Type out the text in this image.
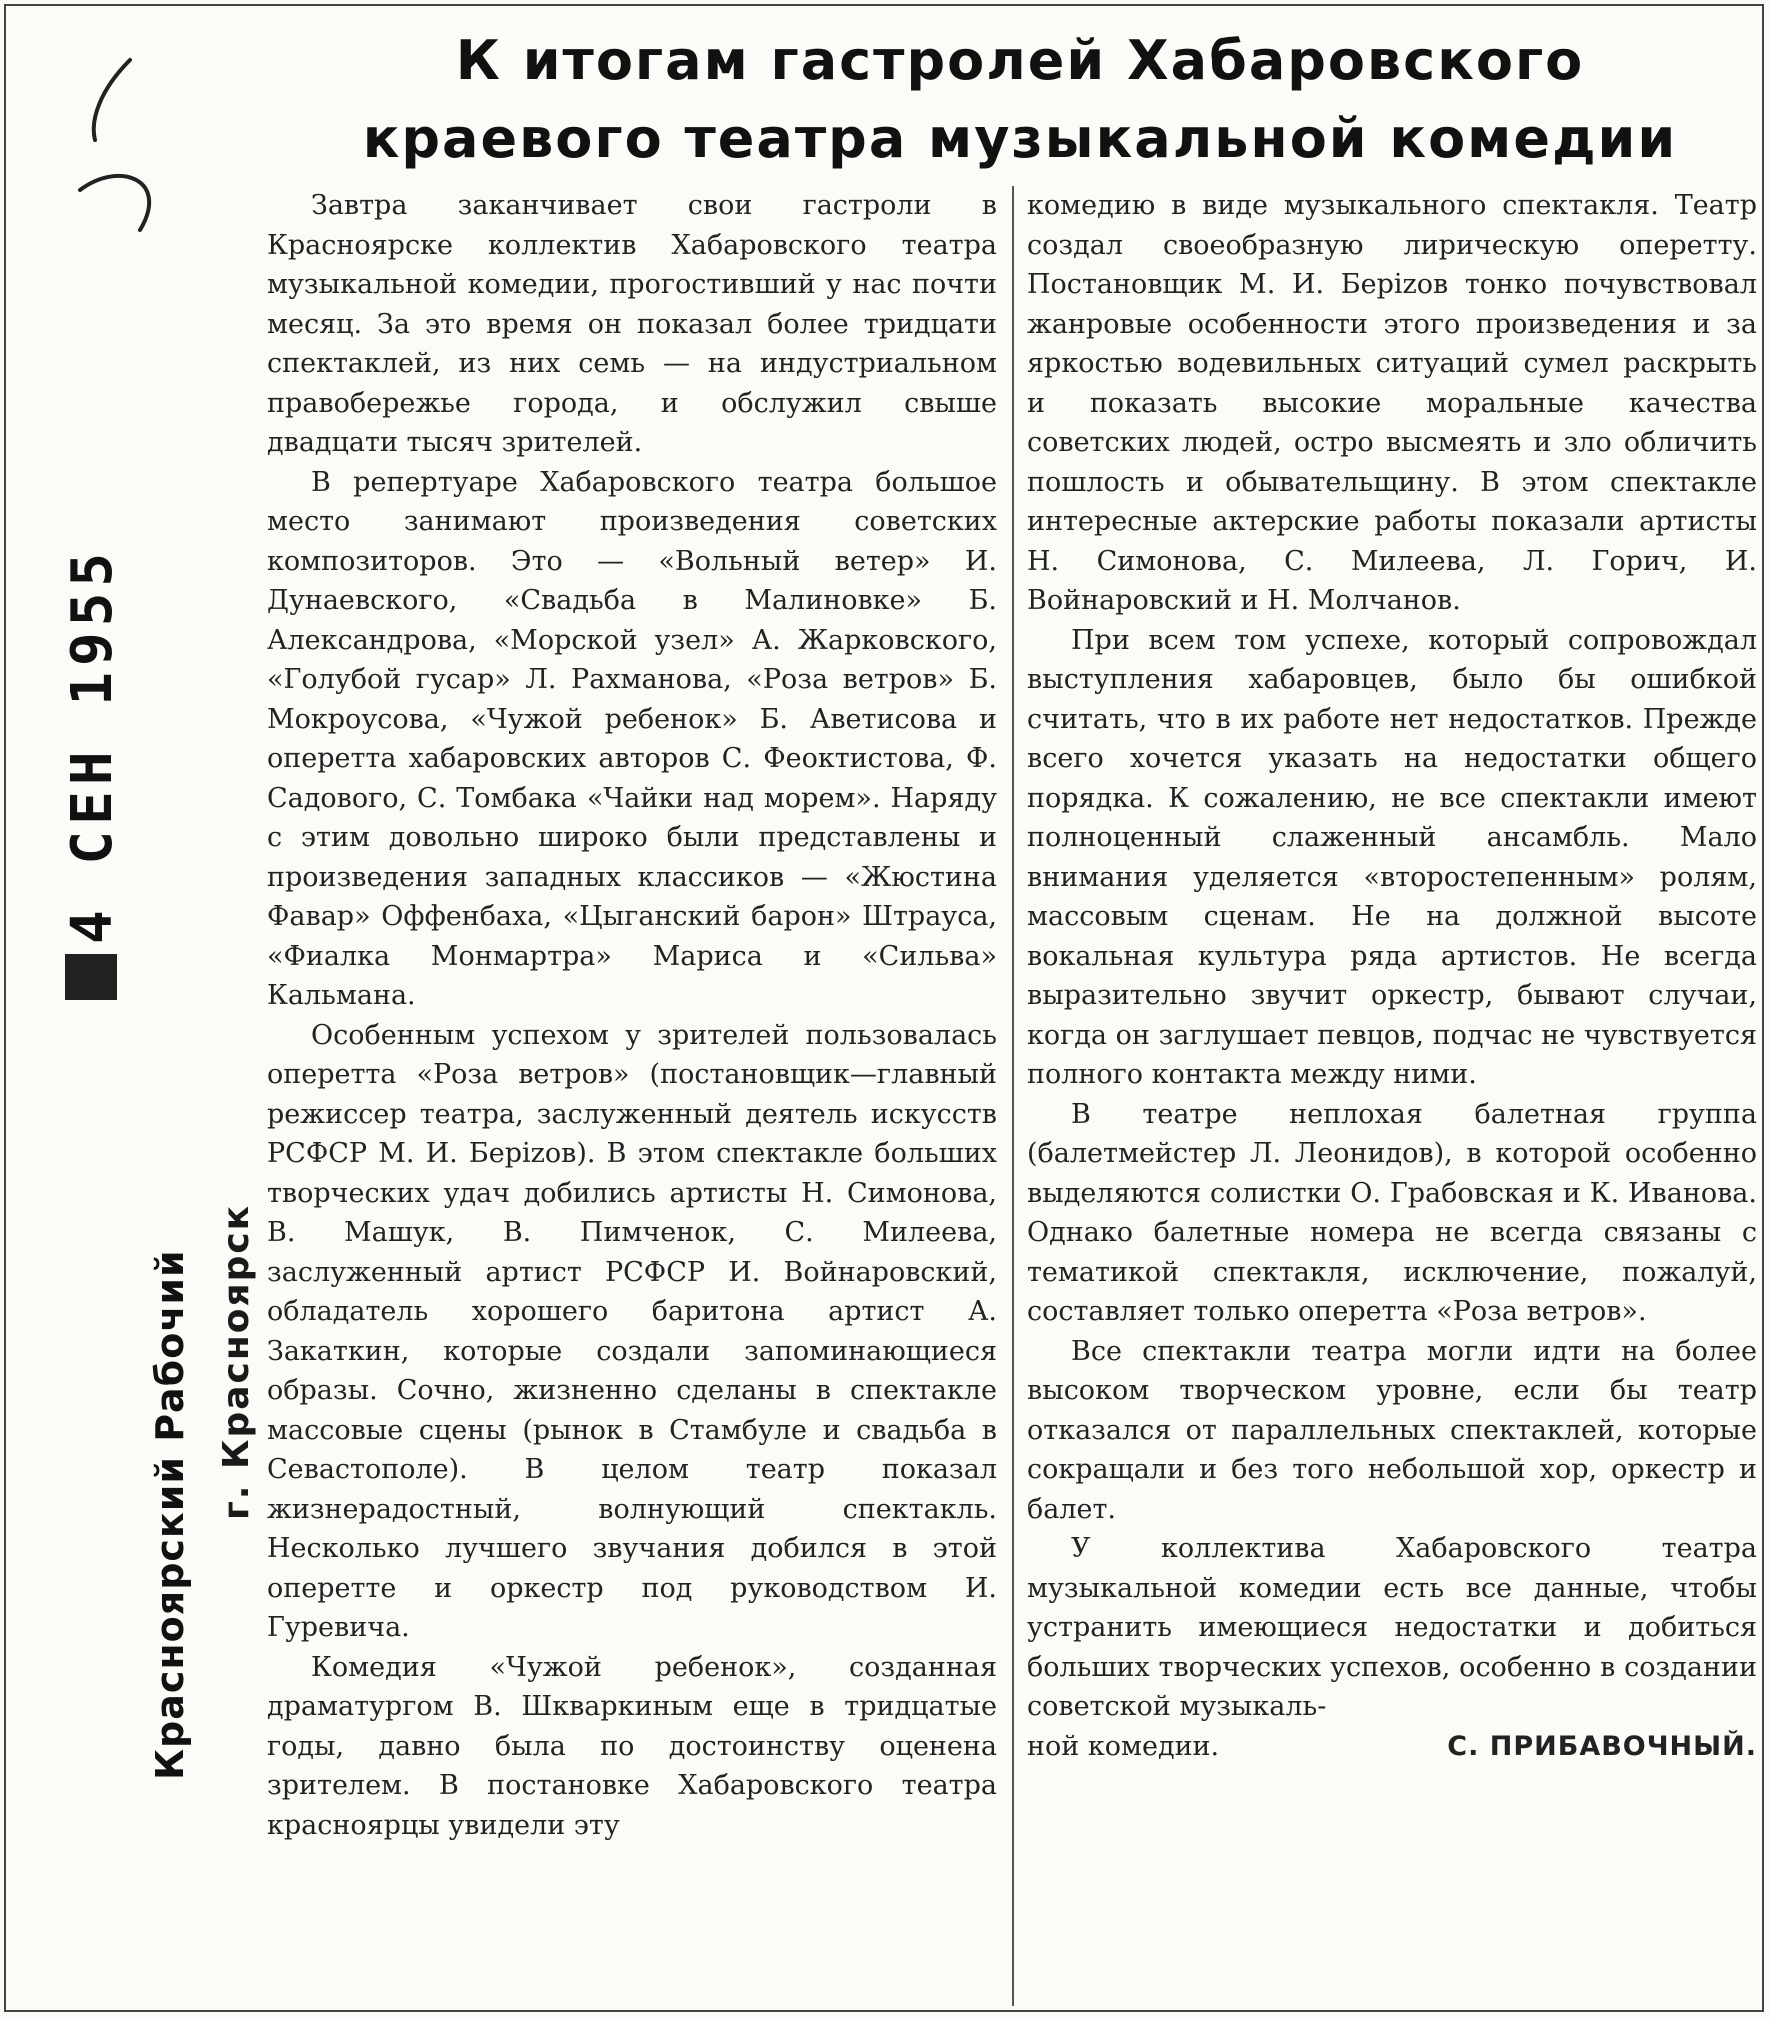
К итогам гастролей Хабаровского
краевого театра музыкальной комедии
4 СЕН 1955
Красноярский Рабочий г. Красноярск

Завтра заканчивает свои гастроли в Красноярске коллектив Хабаровского театра музыкальной комедии, прогостивший у нас почти месяц. За это время он показал более тридцати спектаклей, из них семь — на индустриальном правобережье города, и обслужил свыше двадцати тысяч зрителей.

В репертуаре Хабаровского театра большое место занимают произведения советских композиторов. Это — «Вольный ветер» И. Дунаевского, «Свадьба в Малиновке» Б. Александрова, «Морской узел» А. Жарковского, «Голубой гусар» Л. Рахманова, «Роза ветров» Б. Мокроусова, «Чужой ребенок» Б. Аветисова и оперетта хабаровских авторов С. Феоктистова, Ф. Садового, С. Томбака «Чайки над морем». Наряду с этим довольно широко были представлены и произведения западных классиков — «Жюстина Фавар» Оффенбаха, «Цыганский барон» Штрауса, «Фиалка Монмартра» Мариса и «Сильва» Кальмана.

Особенным успехом у зрителей пользовалась оперетта «Роза ветров» (постановщик—главный режиссер театра, заслуженный деятель искусств РСФСР М. И. Берizов). В этом спектакле больших творческих удач добились артисты Н. Симонова, В. Машук, В. Пимченок, С. Милеева, заслуженный артист РСФСР И. Войнаровский, обладатель хорошего баритона артист А. Закаткин, которые создали запоминающиеся образы. Сочно, жизненно сделаны в спектакле массовые сцены (рынок в Стамбуле и свадьба в Севастополе). В целом театр показал жизнерадостный, волнующий спектакль. Несколько лучшего звучания добился в этой оперетте и оркестр под руководством И. Гуревича.

Комедия «Чужой ребенок», созданная драматургом В. Шкваркиным еще в тридцатые годы, давно была по достоинству оценена зрителем. В постановке Хабаровского театра красноярцы увидели эту

комедию в виде музыкального спектакля. Театр создал своеобразную лирическую оперетту. Постановщик М. И. Берizов тонко почувствовал жанровые особенности этого произведения и за яркостью водевильных ситуаций сумел раскрыть и показать высокие моральные качества советских людей, остро высмеять и зло обличить пошлость и обывательщину. В этом спектакле интересные актерские работы показали артисты Н. Симонова, С. Милеева, Л. Горич, И. Войнаровский и Н. Молчанов.

При всем том успехе, который сопровождал выступления хабаровцев, было бы ошибкой считать, что в их работе нет недостатков. Прежде всего хочется указать на недостатки общего порядка. К сожалению, не все спектакли имеют полноценный слаженный ансамбль. Мало внимания уделяется «второстепенным» ролям, массовым сценам. Не на должной высоте вокальная культура ряда артистов. Не всегда выразительно звучит оркестр, бывают случаи, когда он заглушает певцов, подчас не чувствуется полного контакта между ними.

В театре неплохая балетная группа (балетмейстер Л. Леонидов), в которой особенно выделяются солистки О. Грабовская и К. Иванова. Однако балетные номера не всегда связаны с тематикой спектакля, исключение, пожалуй, составляет только оперетта «Роза ветров».

Все спектакли театра могли идти на более высоком творческом уровне, если бы театр отказался от параллельных спектаклей, которые сокращали и без того небольшой хор, оркестр и балет.

У коллектива Хабаровского театра музыкальной комедии есть все данные, чтобы устранить имеющиеся недостатки и добиться больших творческих успехов, особенно в создании советской музыкаль-

ной комедии.	С. ПРИБАВОЧНЫЙ.
